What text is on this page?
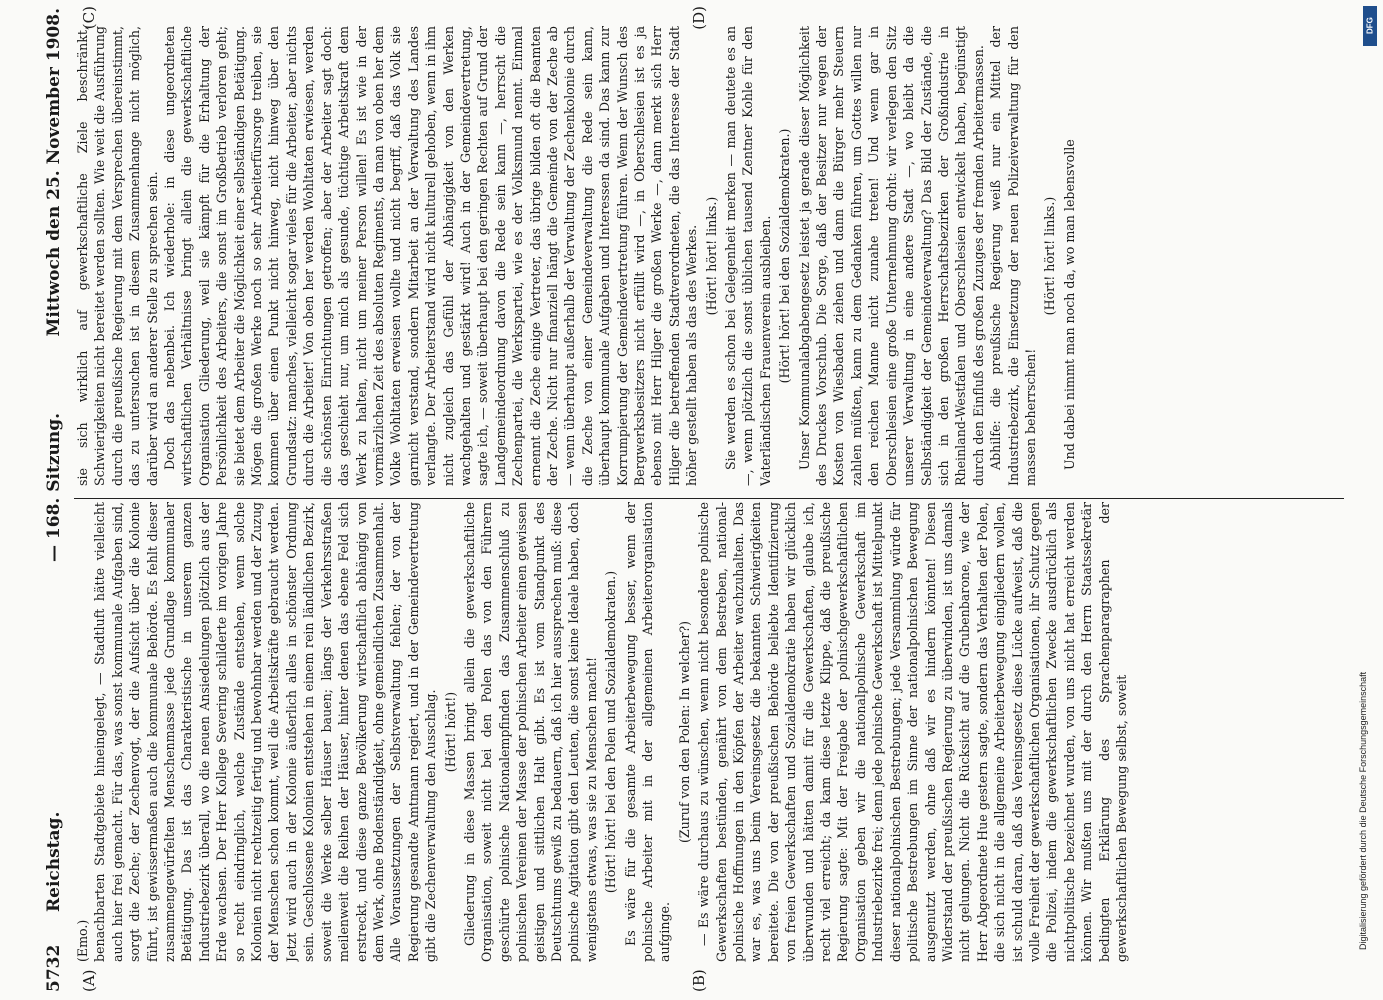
5732
Reichstag.
— 168. Sitzung.
Mittwoch den 25. November 1908.
(A)	(B)
(C)	(D)

(Emo.) benachbarten Stadtgebiete hineingelegt, — Stadtluft hätte vielleicht auch hier frei gemacht. Für das, was sonst kommunale Aufgaben sind, sorgt die Zeche; der Zechenvogt, der die Aufsicht über die Kolonie führt, ist gewissermaßen auch die kommunale Behörde. Es fehlt dieser zusammengewürfelten Menschenmasse jede Grundlage kommunaler Betätigung. Das ist das Charakteristische in unserem ganzen Industriebezirk überall, wo die neuen Ansiedelungen plötzlich aus der Erde wachsen. Der Herr Kollege Severing schilderte im vorigen Jahre so recht eindringlich, welche Zustände entstehen, wenn solche Kolonien nicht rechtzeitig fertig und bewohnbar werden und der Zuzug der Menschen schon kommt, weil die Arbeitskräfte gebraucht werden. Jetzt wird auch in der Kolonie äußerlich alles in schönster Ordnung sein. Geschlossene Kolonien entstehen in einem rein ländlichen Bezirk, soweit die Werke selber Häuser bauen; längs der Verkehrsstraßen meilenweit die Reihen der Häuser, hinter denen das ebene Feld sich erstreckt, und diese ganze Bevölkerung wirtschaftlich abhängig von dem Werk, ohne Bodenständigkeit, ohne gemeindlichen Zusammenhalt. Alle Voraussetzungen der Selbstverwaltung fehlen; der von der Regierung gesandte Amtmann regiert, und in der Gemeindevertretung gibt die Zechenverwaltung den Ausschlag. (Hört! hört!) Gliederung in diese Massen bringt allein die gewerkschaftliche Organisation, soweit nicht bei den Polen das von den Führern geschürte polnische Nationalempfinden das Zusammenschluß zu polnischen Vereinen der Masse der polnischen Arbeiter einen gewissen geistigen und sittlichen Halt gibt. Es ist vom Standpunkt des Deutschtums gewiß zu bedauern, daß ich hier aussprechen muß: diese polnische Agitation gibt den Leuten, die sonst keine Ideale haben, doch wenigstens etwas, was sie zu Menschen macht! (Hört! hört! bei den Polen und Sozialdemokraten.) Es wäre für die gesamte Arbeiterbewegung besser, wenn der polnische Arbeiter mit in der allgemeinen Arbeiterorganisation aufginge.

(Zuruf von den Polen: In welcher?) — Es wäre durchaus zu wünschen, wenn nicht besondere polnische Gewerkschaften bestünden, genährt von dem Bestreben, national-polnische Hoffnungen in den Köpfen der Arbeiter wachzuhalten. Das war es, was uns beim Vereinsgesetz die bekannten Schwierigkeiten bereitete. Die von der preußischen Behörde beliebte Identifizierung von freien Gewerkschaften und Sozialdemokratie haben wir glücklich überwunden und hätten damit für die Gewerkschaften, glaube ich, recht viel erreicht; da kam diese letzte Klippe, daß die preußische Regierung sagte: Mit der Freigabe der polnischgewerkschaftlichen Organisation geben wir die nationalpolnische Gewerkschaft im Industriebezirke frei; denn jede polnische Gewerkschaft ist Mittelpunkt dieser nationalpolnischen Bestrebungen; jede Versammlung würde für politische Bestrebungen im Sinne der nationalpolnischen Bewegung ausgenutzt werden, ohne daß wir es hindern könnten! Diesen Widerstand der preußischen Regierung zu überwinden, ist uns damals nicht gelungen. Nicht die Rücksicht auf die Grubenbarone, wie der Herr Abgeordnete Hue gestern sagte, sondern das Verhalten der Polen, die sich nicht in die allgemeine Arbeiterbewegung eingliedern wollen, ist schuld daran, daß das Vereinsgesetz diese Lücke aufweist, daß die volle Freiheit der gewerkschaftlichen Organisationen, ihr Schutz gegen die Polizei, indem die gewerkschaftlichen Zwecke ausdrücklich als nichtpolitische bezeichnet wurden, von uns nicht hat erreicht werden können. Wir mußten uns mit der durch den Herrn Staatssekretär bedingten Erklärung des Sprachenparagraphen der gewerkschaftlichen Bewegung selbst, soweit

sie sich wirklich auf gewerkschaftliche Ziele beschränkt, Schwierigkeiten nicht bereitet werden sollten. Wie weit die Ausführung durch die preußische Regierung mit dem Versprechen übereinstimmt, das zu untersuchen ist in diesem Zusammenhange nicht möglich, darüber wird an anderer Stelle zu sprechen sein. Doch das nebenbei. Ich wiederhole: in diese ungeordneten wirtschaftlichen Verhältnisse bringt allein die gewerkschaftliche Organisation Gliederung, weil sie kämpft für die Erhaltung der Persönlichkeit des Arbeiters, die sonst im Großbetrieb verloren geht; sie bietet dem Arbeiter die Möglichkeit einer selbständigen Betätigung. Mögen die großen Werke noch so sehr Arbeiterfürsorge treiben, sie kommen über einen Punkt nicht hinweg, nicht hinweg über den Grundsatz: manches, vielleicht sogar vieles für die Arbeiter, aber nichts durch die Arbeiter! Von oben her werden Wohltaten erwiesen, werden die schönsten Einrichtungen getroffen; aber der Arbeiter sagt doch: das geschieht nur, um mich als gesunde, tüchtige Arbeitskraft dem Werk zu halten, nicht um meiner Person willen! Es ist wie in der vormärzlichen Zeit des absoluten Regiments, da man von oben her dem Volke Wohltaten erweisen wollte und nicht begriff, daß das Volk sie garnicht verstand, sondern Mitarbeit an der Verwaltung des Landes verlangte. Der Arbeiterstand wird nicht kulturell gehoben, wenn in ihm nicht zugleich das Gefühl der Abhängigkeit von den Werken wachgehalten und gestärkt wird! Auch in der Gemeindevertretung, sagte ich, — soweit überhaupt bei den geringen Rechten auf Grund der Landgemeindeordnung davon die Rede sein kann —, herrscht die Zechenpartei, die Werkspartei, wie es der Volksmund nennt. Einmal ernennt die Zeche einige Vertreter, das übrige bilden oft die Beamten der Zeche. Nicht nur finanziell hängt die Gemeinde von der Zeche ab — wenn überhaupt außerhalb der Verwaltung der Zechenkolonie durch die Zeche von einer Gemeindeverwaltung die Rede sein kann, überhaupt kommunale Aufgaben und Interessen da sind. Das kann zur Korrumpierung der Gemeindevertretung führen. Wenn der Wunsch des Bergwerksbesitzers nicht erfüllt wird —, in Oberschlesien ist es ja ebenso mit Herr Hilger die großen Werke —, dann merkt sich Herr Hilger die betreffenden Stadtverordneten, die das Interesse der Stadt höher gestellt haben als das des Werkes. (Hört! hört! links.) Sie werden es schon bei Gelegenheit merken — man deutete es an —, wenn plötzlich die sonst üblichen tausend Zentner Kohle für den Vaterländischen Frauenverein ausbleiben. (Hört! hört! bei den Sozialdemokraten.) Unser Kommunalabgabengesetz leistet ja gerade dieser Möglichkeit des Druckes Vorschub. Die Sorge, daß der Besitzer nur wegen der Kosten von Wiesbaden ziehen und dann die Bürger mehr Steuern zahlen müßten, kann zu dem Gedanken führen, um Gottes willen nur den reichen Manne nicht zunahe treten! Und wenn gar in Oberschlesien eine große Unternehmung droht: wir verlegen den Sitz unserer Verwaltung in eine andere Stadt —, wo bleibt da die Selbständigkeit der Gemeindeverwaltung? Das Bild der Zustände, die sich in den großen Herrschaftsbezirken der Großindustrie in Rheinland-Westfalen und Oberschlesien entwickelt haben, begünstigt durch den Einfluß des großen Zuzuges der fremden Arbeitermassen. Abhilfe: die preußische Regierung weiß nur ein Mittel der Industriebezirk, die Einsetzung der neuen Polizeiverwaltung für den massen beherrschen!

(Hört! hört! links.) Und dabei nimmt man noch da, wo man lebensvolle

DFG
Digitalisierung gefördert durch die Deutsche Forschungsgemeinschaft
